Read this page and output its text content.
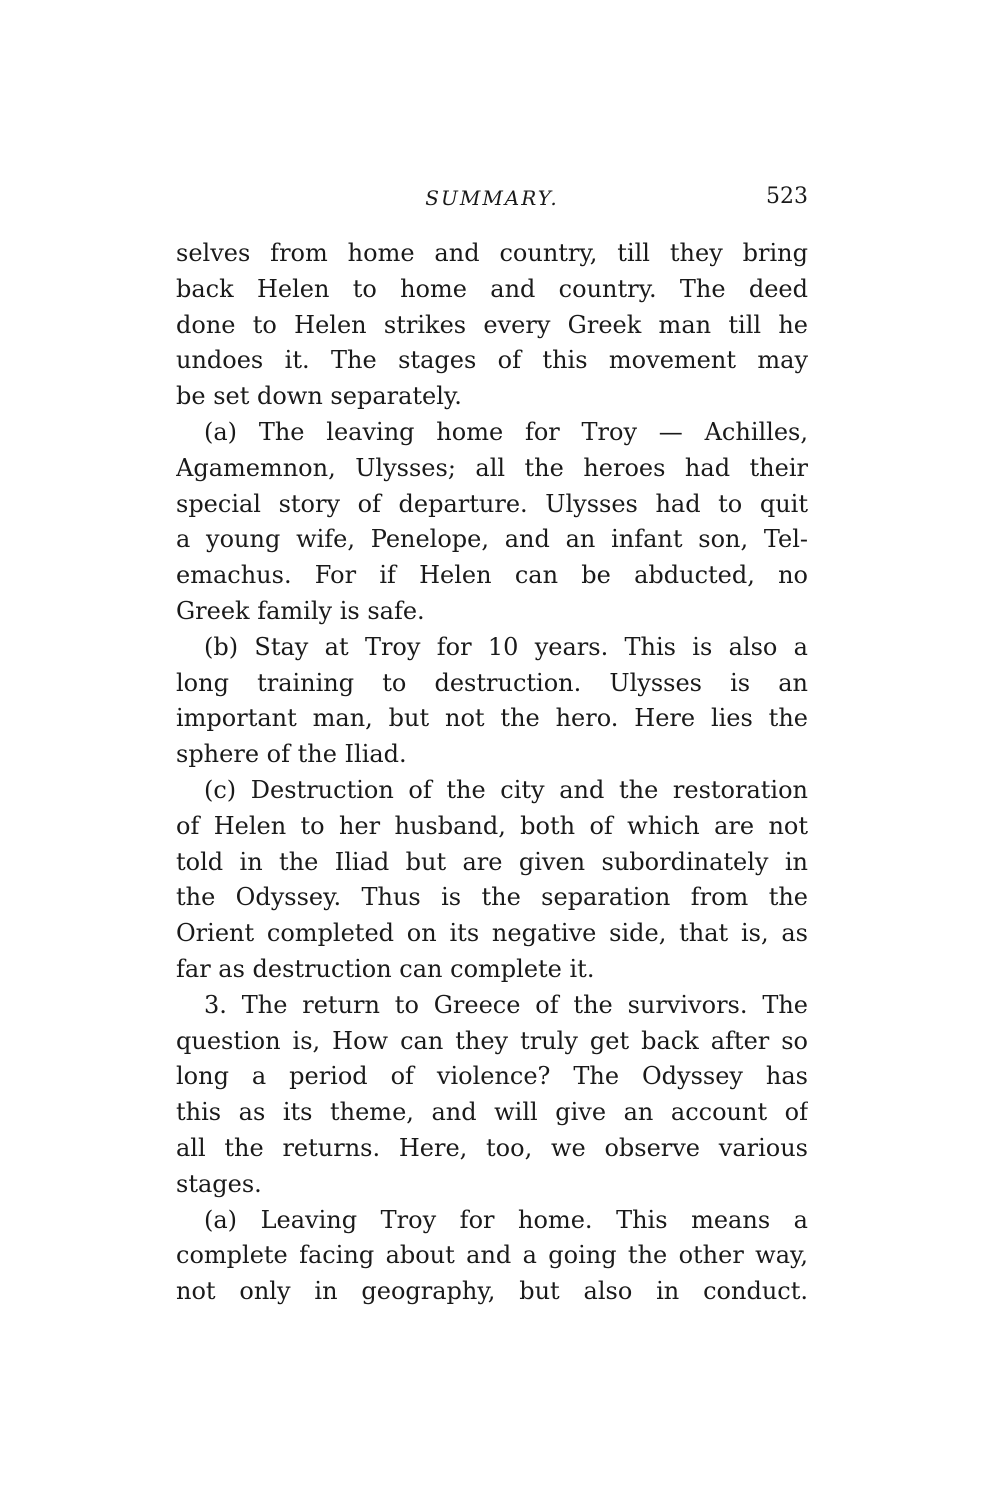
SUMMARY.	523
selves from home and country, till they bring
back Helen to home and country. The deed
done to Helen strikes every Greek man till he
undoes it. The stages of this movement may
be set down separately.
(a) The leaving home for Troy — Achilles,
Agamemnon, Ulysses; all the heroes had their
special story of departure. Ulysses had to quit
a young wife, Penelope, and an infant son, Tel-
emachus. For if Helen can be abducted, no
Greek family is safe.
(b) Stay at Troy for 10 years. This is also a
long training to destruction. Ulysses is an
important man, but not the hero. Here lies the
sphere of the Iliad.
(c) Destruction of the city and the restoration
of Helen to her husband, both of which are not
told in the Iliad but are given subordinately in
the Odyssey. Thus is the separation from the
Orient completed on its negative side, that is, as
far as destruction can complete it.
3. The return to Greece of the survivors. The
question is, How can they truly get back after so
long a period of violence? The Odyssey has
this as its theme, and will give an account of
all the returns. Here, too, we observe various
stages.
(a) Leaving Troy for home. This means a
complete facing about and a going the other way,
not only in geography, but also in conduct.
